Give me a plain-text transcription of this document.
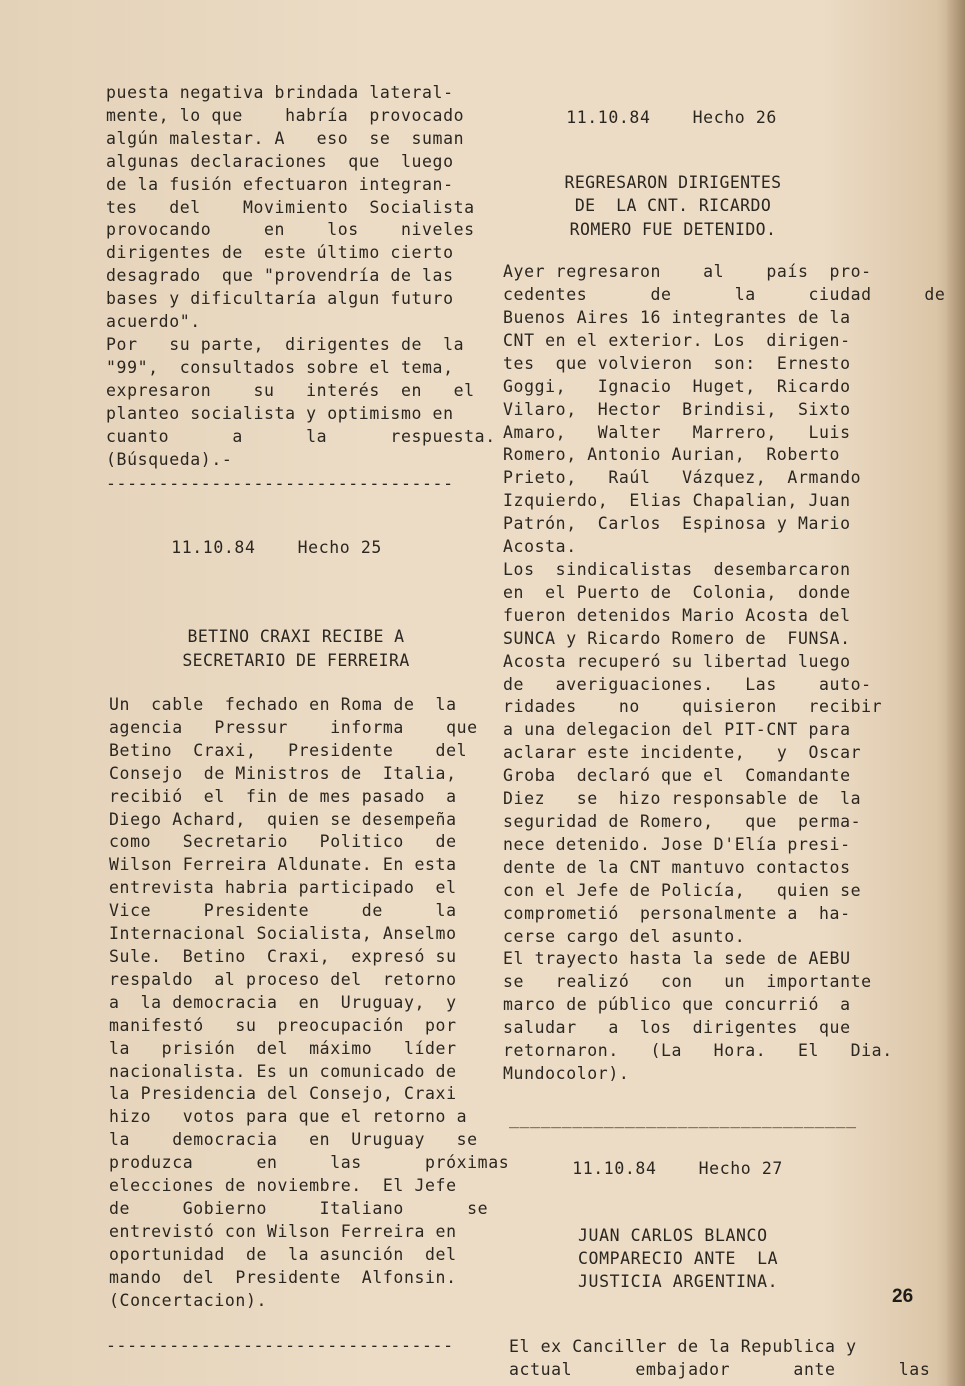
puesta negativa brindada lateral-
mente, lo que    habría  provocado
algún malestar. A   eso  se  suman
algunas declaraciones  que  luego
de la fusión efectuaron integran-
tes   del    Movimiento  Socialista
provocando     en    los    niveles
dirigentes de  este último cierto
desagrado  que "provendría de las
bases y dificultaría algun futuro
acuerdo".
Por   su parte,  dirigentes de  la
"99",  consultados sobre el tema,
expresaron    su   interés  en   el
planteo socialista y optimismo en
cuanto      a      la      respuesta.
(Búsqueda).-
---------------------------------

11.10.84	Hecho 25

BETINO CRAXI RECIBE A
SECRETARIO DE FERREIRA
Un  cable  fechado en Roma de  la
agencia   Pressur    informa    que
Betino  Craxi,   Presidente    del
Consejo  de Ministros de  Italia,
recibió  el  fin de mes pasado  a
Diego Achard,  quien se desempeña
como   Secretario   Politico   de
Wilson Ferreira Aldunate. En esta
entrevista habria participado  el
Vice     Presidente     de     la
Internacional Socialista, Anselmo
Sule.  Betino  Craxi,  expresó su
respaldo  al proceso del  retorno
a  la democracia  en  Uruguay,  y
manifestó   su  preocupación  por
la   prisión  del  máximo   líder
nacionalista. Es un comunicado de
la Presidencia del Consejo, Craxi
hizo   votos para que el retorno a
la    democracia   en  Uruguay   se
produzca      en     las      próximas
elecciones de noviembre.  El Jefe
de     Gobierno     Italiano      se
entrevistó con Wilson Ferreira en
oportunidad  de  la asunción  del
mando  del  Presidente  Alfonsin.
(Concertacion).
---------------------------------

11.10.84	Hecho 26

REGRESARON DIRIGENTES
DE  LA CNT. RICARDO
ROMERO FUE DETENIDO.
Ayer regresaron    al    país  pro-
cedentes      de      la     ciudad     de
Buenos Aires 16 integrantes de la
CNT en el exterior. Los  dirigen-
tes  que volvieron  son:  Ernesto
Goggi,   Ignacio  Huget,  Ricardo
Vilaro,  Hector  Brindisi,  Sixto
Amaro,   Walter   Marrero,   Luis
Romero, Antonio Aurian,  Roberto
Prieto,   Raúl   Vázquez,  Armando
Izquierdo,  Elias Chapalian, Juan
Patrón,  Carlos  Espinosa y Mario
Acosta.
Los  sindicalistas  desembarcaron
en  el Puerto de  Colonia,  donde
fueron detenidos Mario Acosta del
SUNCA y Ricardo Romero de  FUNSA.
Acosta recuperó su libertad luego
de   averiguaciones.   Las    auto-
ridades    no    quisieron   recibir
a una delegacion del PIT-CNT para
aclarar este incidente,   y  Oscar
Groba  declaró que el  Comandante
Diez   se  hizo responsable de  la
seguridad de Romero,   que  perma-
nece detenido. Jose D'Elía presi-
dente de la CNT mantuvo contactos
con el Jefe de Policía,   quien se
comprometió  personalmente a  ha-
cerse cargo del asunto.
El trayecto hasta la sede de AEBU
se   realizó   con   un  importante
marco de público que concurrió  a
saludar   a  los  dirigentes  que
retornaron.   (La   Hora.   El   Dia.
Mundocolor).
_________________________________

11.10.84	Hecho 27

JUAN CARLOS BLANCO
COMPARECIO ANTE  LA
JUSTICIA ARGENTINA.
El ex Canciller de la Republica y
actual      embajador      ante      las
26
